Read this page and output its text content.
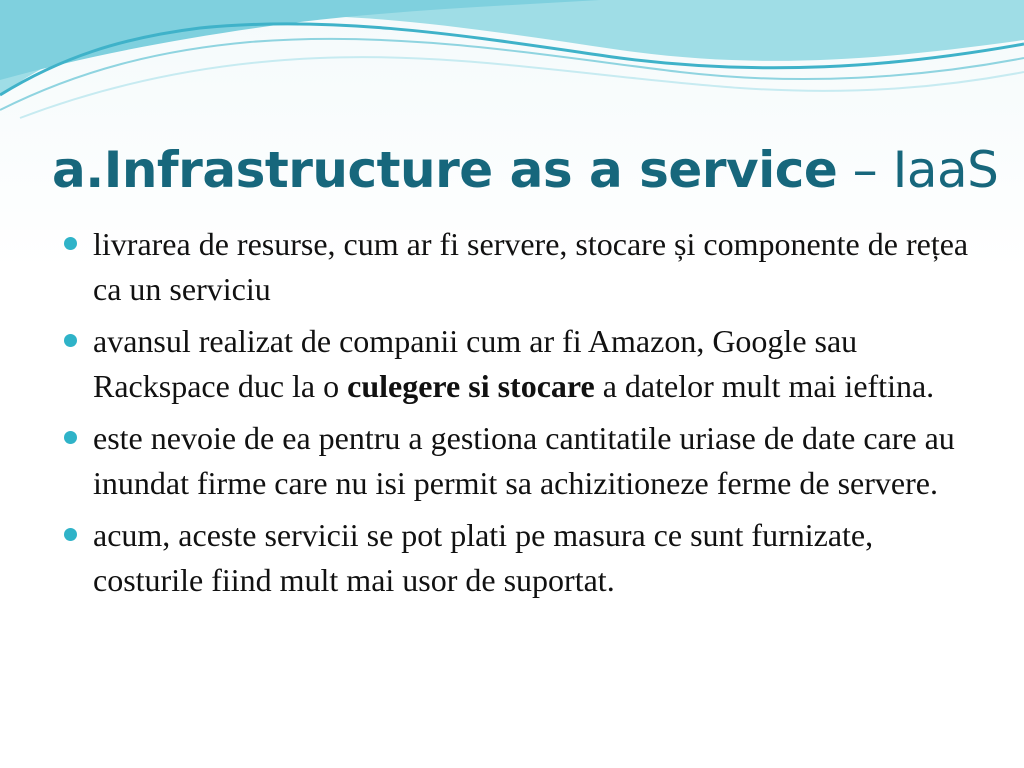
a.Infrastructure as a service – IaaS
livrarea de resurse, cum ar fi servere, stocare și componente de rețea ca un serviciu
avansul realizat de companii cum ar fi Amazon, Google sau Rackspace duc la o culegere si stocare a datelor mult mai ieftina.
este nevoie de ea pentru a gestiona cantitatile uriase de date care au inundat firme care nu isi permit sa achizitioneze ferme de servere.
acum, aceste servicii se pot plati pe masura ce sunt furnizate, costurile fiind mult mai usor de suportat.
